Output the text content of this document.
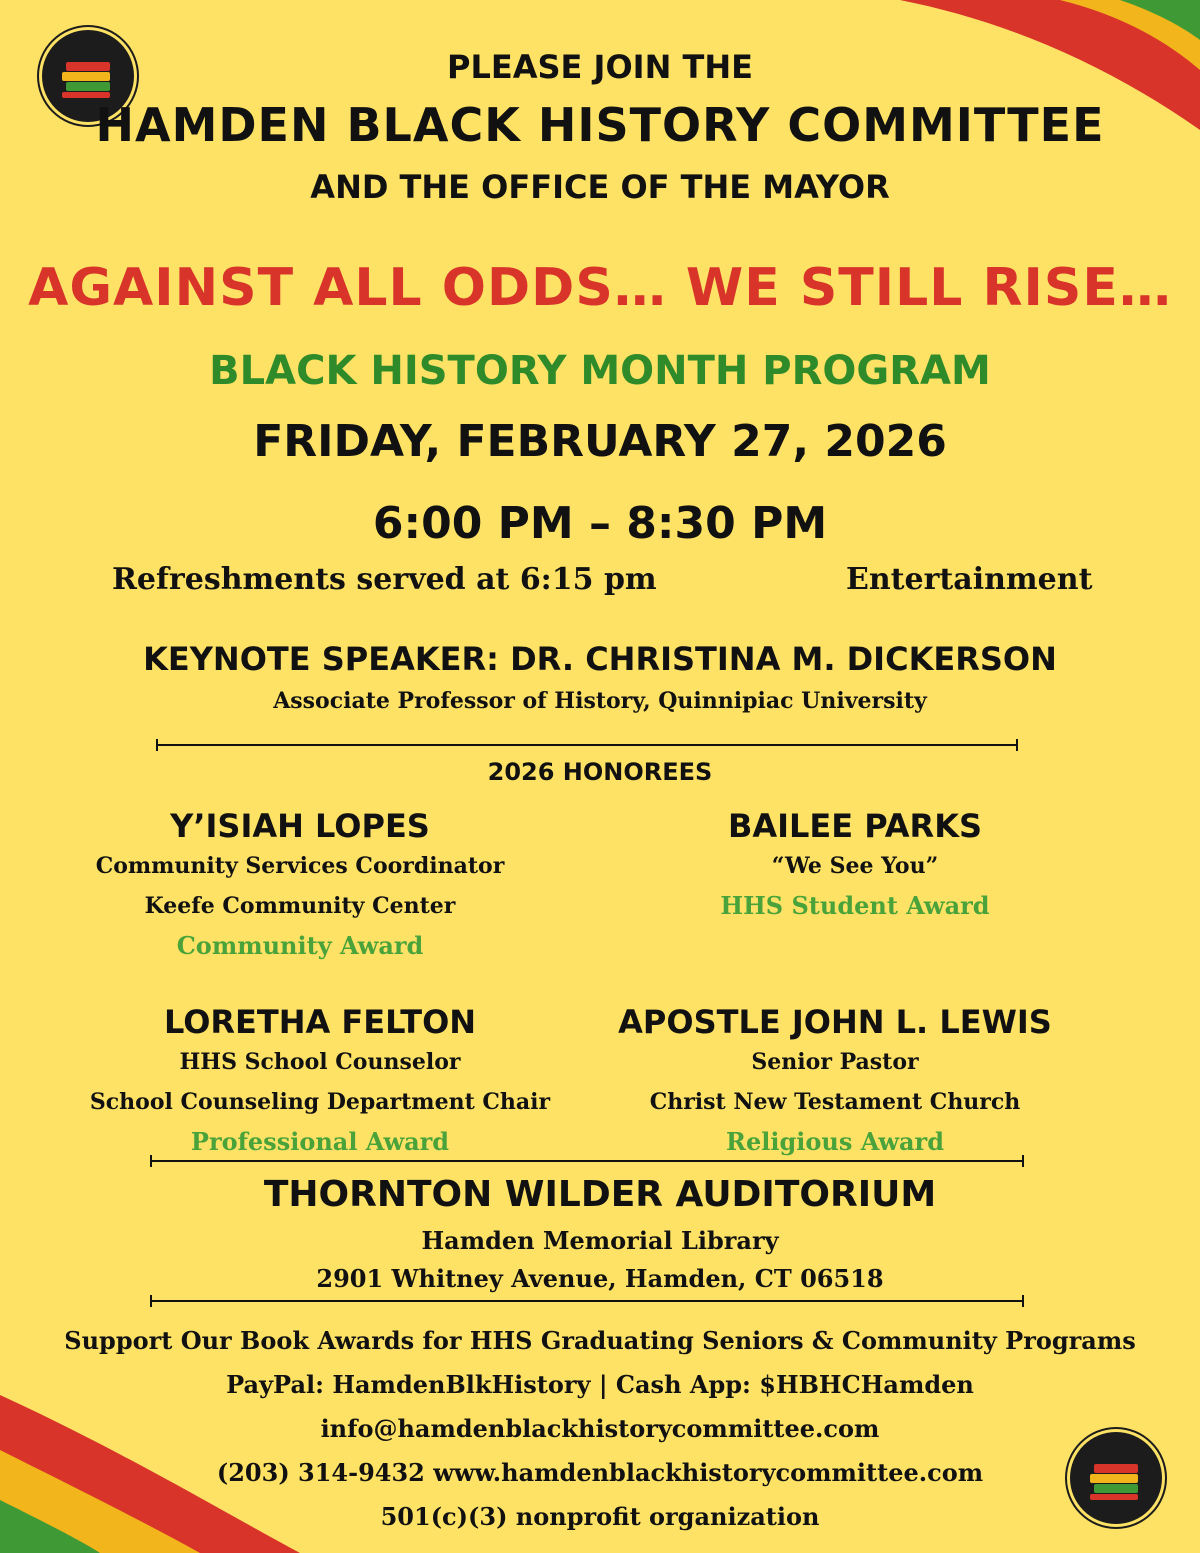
PLEASE JOIN THE
HAMDEN BLACK HISTORY COMMITTEE
AND THE OFFICE OF THE MAYOR
AGAINST ALL ODDS… WE STILL RISE…
BLACK HISTORY MONTH PROGRAM
FRIDAY, FEBRUARY 27, 2026
6:00 PM – 8:30 PM
Refreshments served at 6:15 pm	Entertainment
KEYNOTE SPEAKER: DR. CHRISTINA M. DICKERSON
Associate Professor of History, Quinnipiac University
2026 HONOREES
Y’ISIAH LOPES
Community Services Coordinator
Keefe Community Center
Community Award
BAILEE PARKS
“We See You”
HHS Student Award
LORETHA FELTON
HHS School Counselor
School Counseling Department Chair
Professional Award
APOSTLE JOHN L. LEWIS
Senior Pastor
Christ New Testament Church
Religious Award
THORNTON WILDER AUDITORIUM
Hamden Memorial Library
2901 Whitney Avenue, Hamden, CT 06518
Support Our Book Awards for HHS Graduating Seniors & Community Programs
PayPal: HamdenBlkHistory | Cash App: $HBHCHamden
info@hamdenblackhistorycommittee.com
(203) 314-9432 www.hamdenblackhistorycommittee.com
501(c)(3) nonprofit organization
